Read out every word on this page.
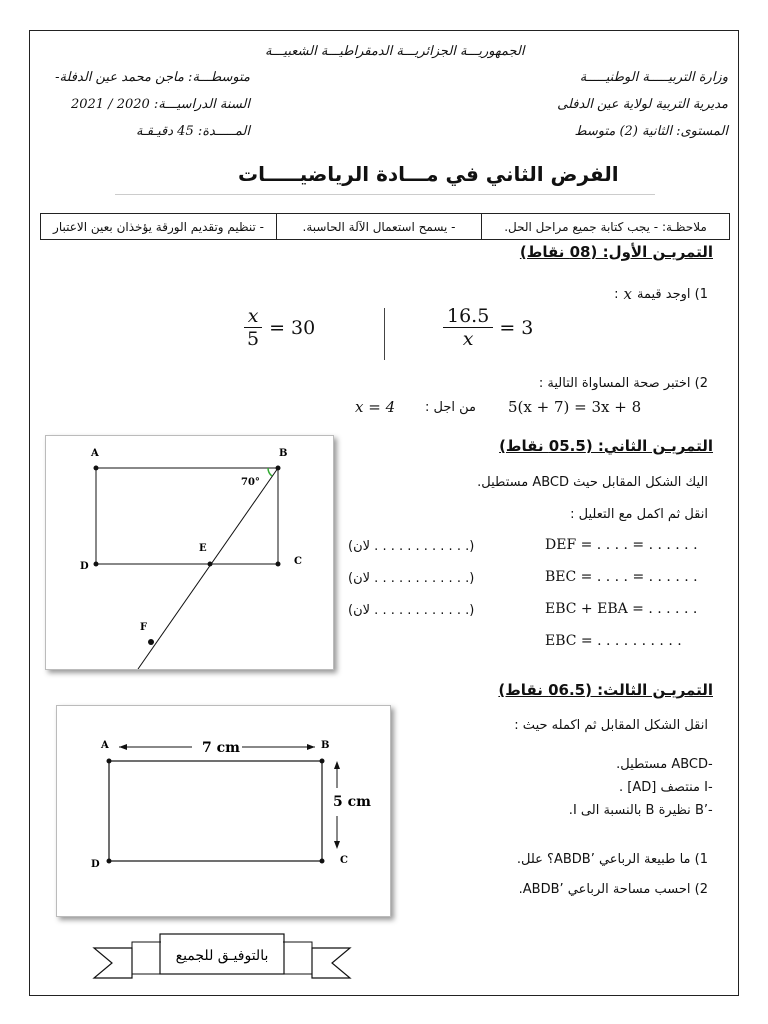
الجمهوريـــة الجزائريـــة الدمقراطيـــة الشعبيـــة
وزارة التربيـــــة الوطنيـــــة
مديرية التربية لولاية عين الدفلى
المستوى: الثانية (2) متوسط
متوسطـــة: ماجن محمد عين الدفلة-
السنة الدراسيـــة: 2020 / 2021
المـــــدة: 45 دقيـقـة
الفرض الثاني في مـــادة الرياضيـــــات
ملاحظـة: - يجب كتابة جميع مراحل الحل.
- يسمح استعمال الآلة الحاسبة.
- تنظيم وتقديم الورقة يؤخذان بعين الاعتبار
التمريـن الأول: (08 نقاط)
1) اوجد قيمة
x
:
$\frac{x}{5} = 30$	$\frac{16.5}{x} = 3$
2) اختبر صحة المساواة التالية :
5(x + 7) = 3x + 8
من اجل :
x = 4
A	B
C
D
E
F
70°
التمريـن الثاني: (05.5 نقاط)
اليك الشكل المقابل حيث ABCD مستطيل.
انقل ثم اكمل مع التعليل :
DEF = . . . . = . . . . . .
(لان . . . . . . . . . . . .)
BEC = . . . . = . . . . . .
(لان . . . . . . . . . . . .)
EBC + EBA = . . . . . .
(لان . . . . . . . . . . . .)
EBC = . . . . . . . . . .
التمريـن الثالث: (06.5 نقاط)
انقل الشكل المقابل ثم اكمله حيث :
ABCD مستطيل.
I منتصف [AD] .
’B نظيرة B بالنسبة الى I.
1) ما طبيعة الرباعي ’ABDB؟ علل.
2) احسب مساحة الرباعي ’ABDB.
-
-
-
7 cm
5 cm
A	B
C
D
بالتوفيـق للجميع
